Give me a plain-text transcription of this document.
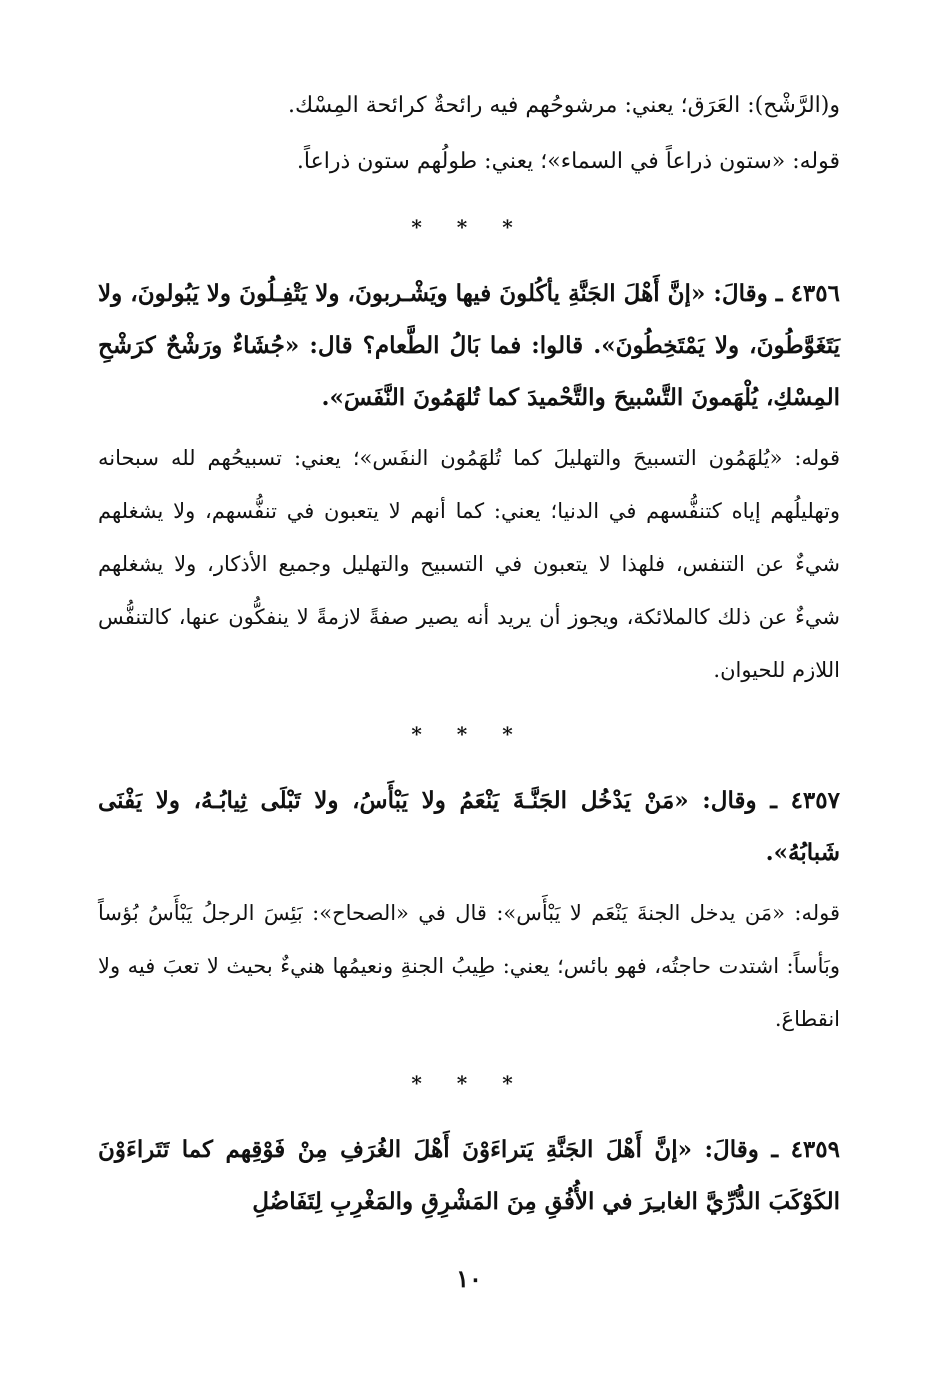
و(الرَّشْح): العَرَق؛ يعني: مرشوحُهم فيه رائحةٌ كرائحة المِسْك.
قوله: «ستون ذراعاً في السماء»؛ يعني: طولُهم ستون ذراعاً.
* * *

٤٣٥٦ ـ وقالَ: «إنَّ أَهْلَ الجَنَّةِ يأكُلونَ فيها ويَشْـربونَ، ولا يَتْفِـلُونَ ولا يَبُولونَ، ولا يَتَغَوَّطُونَ، ولا يَمْتَخِطُونَ». قالوا: فما بَالُ الطَّعام؟ قال: «جُشَاءٌ ورَشْحٌ كرَشْحِ المِسْكِ، يُلْهَمونَ التَّسْبيحَ والتَّحْميدَ كما تُلهَمُونَ النَّفَسَ».

قوله: «يُلهَمُون التسبيحَ والتهليلَ كما تُلهَمُون النفَس»؛ يعني: تسبيحُهم لله سبحانه وتهليلُهم إياه كتنفُّسهم في الدنيا؛ يعني: كما أنهم لا يتعبون في تنفُّسهم، ولا يشغلهم شيءٌ عن التنفس، فلهذا لا يتعبون في التسبيح والتهليل وجميع الأذكار، ولا يشغلهم شيءٌ عن ذلك كالملائكة، ويجوز أن يريد أنه يصير صفةً لازمةً لا ينفكُّون عنها، كالتنفُّس اللازم للحيوان.

* * *

٤٣٥٧ ـ وقال: «مَنْ يَدْخُل الجَنَّـةَ يَنْعَمُ ولا يَبْأَسُ، ولا تَبْلَى ثِيابُـهُ، ولا يَفْنَى شَبابُهُ».

قوله: «مَن يدخل الجنةَ يَنْعَم لا يَبْأَس»: قال في «الصحاح»: بَئِسَ الرجلُ يَبْأَسُ بُؤساً وبَأساً: اشتدت حاجتُه، فهو بائس؛ يعني: طِيبُ الجنةِ ونعيمُها هنيءٌ بحيث لا تعبَ فيه ولا انقطاعَ.

* * *

٤٣٥٩ ـ وقالَ: «إنَّ أَهْلَ الجَنَّةِ يَتراءَوْنَ أَهْلَ الغُرَفِ مِنْ فَوْقِهم كما تَتَراءَوْنَ الكَوْكَبَ الدُّرِّيَّ الغابـِرَ في الأُفُقِ مِنَ المَشْرِقِ والمَغْرِبِ لِتَفَاضُلِ

١٠
